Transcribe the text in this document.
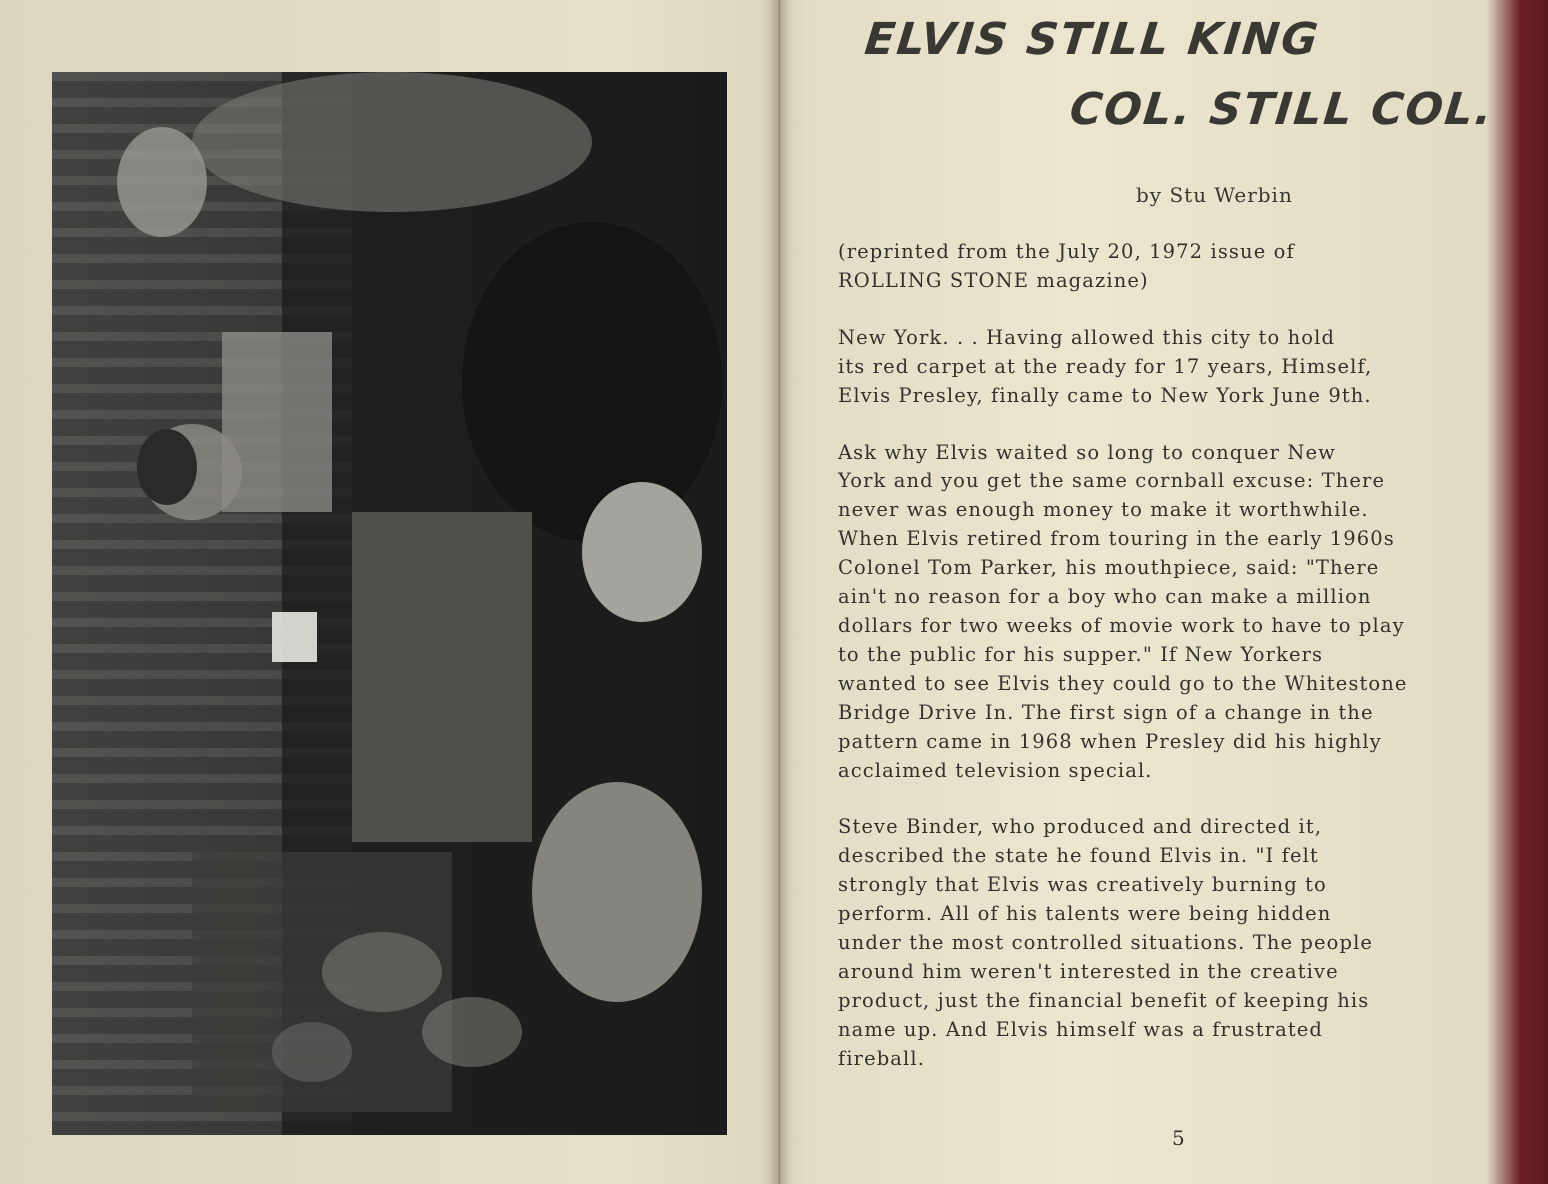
ELVIS STILL KING
COL. STILL COL.
by Stu Werbin

(reprinted from the July 20, 1972 issue of
ROLLING STONE magazine)

New York. . . Having allowed this city to hold
its red carpet at the ready for 17 years, Himself,
Elvis Presley, finally came to New York June 9th.

Ask why Elvis waited so long to conquer New
York and you get the same cornball excuse: There
never was enough money to make it worthwhile.
When Elvis retired from touring in the early 1960s
Colonel Tom Parker, his mouthpiece, said: "There
ain't no reason for a boy who can make a million
dollars for two weeks of movie work to have to play
to the public for his supper." If New Yorkers
wanted to see Elvis they could go to the Whitestone
Bridge Drive In. The first sign of a change in the
pattern came in 1968 when Presley did his highly
acclaimed television special.

Steve Binder, who produced and directed it,
described the state he found Elvis in. "I felt
strongly that Elvis was creatively burning to
perform. All of his talents were being hidden
under the most controlled situations. The people
around him weren't interested in the creative
product, just the financial benefit of keeping his
name up. And Elvis himself was a frustrated
fireball.

5
